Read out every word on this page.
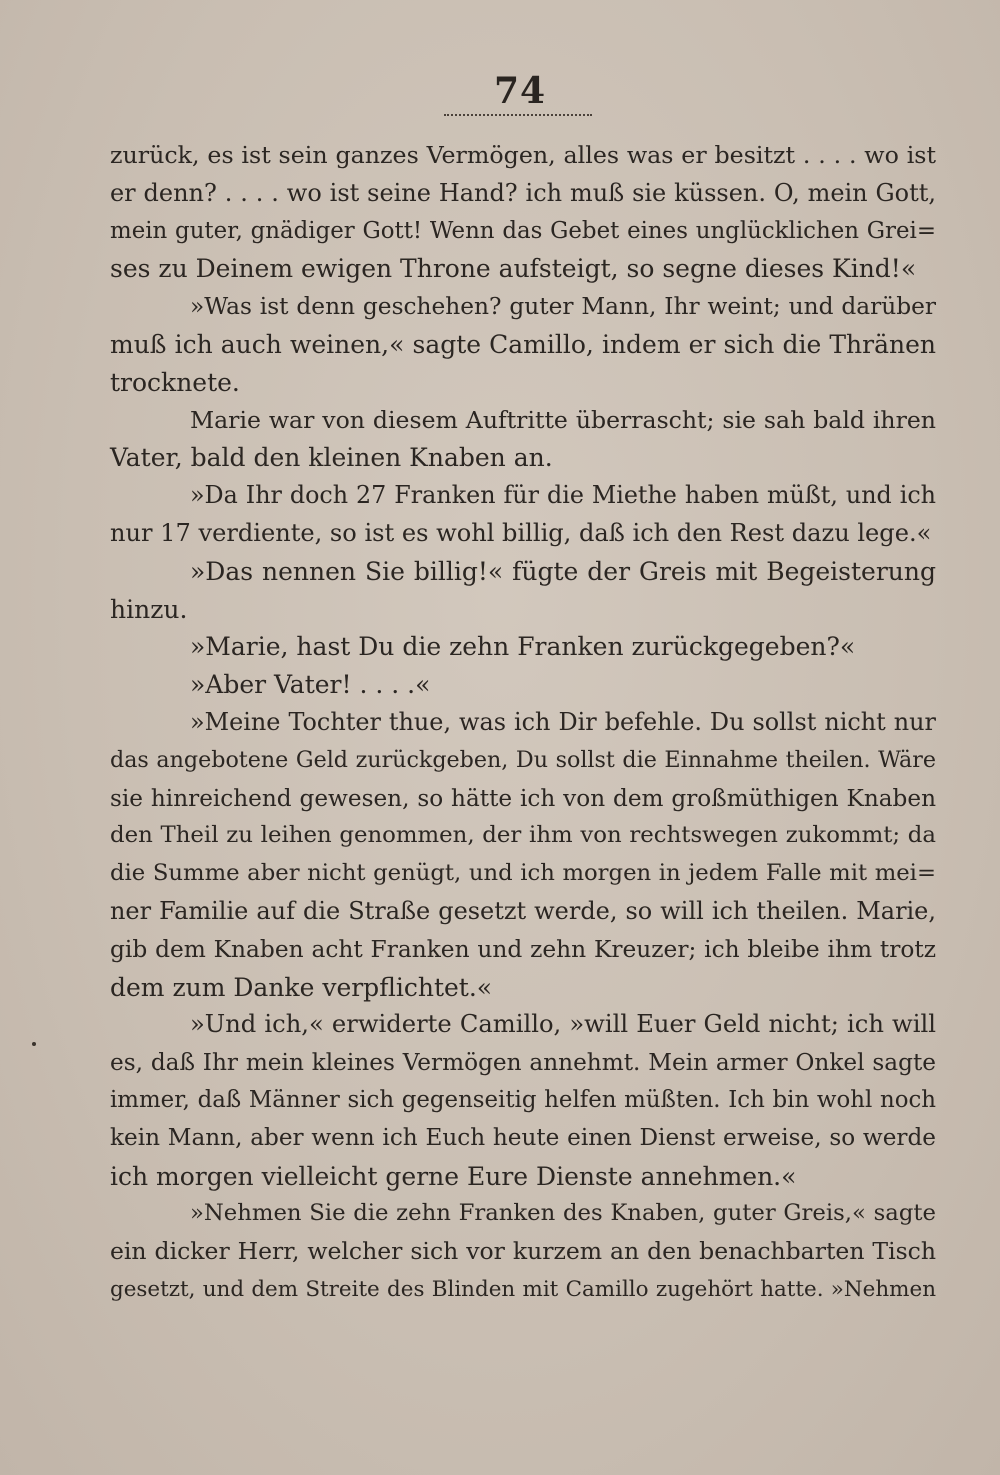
74
zurück, es ist sein ganzes Vermögen, alles was er besitzt . . . . wo ist
er denn? . . . . wo ist seine Hand? ich muß sie küssen. O, mein Gott,
mein guter, gnädiger Gott! Wenn das Gebet eines unglücklichen Grei=
ses zu Deinem ewigen Throne aufsteigt, so segne dieses Kind!«
»Was ist denn geschehen? guter Mann, Ihr weint; und darüber
muß ich auch weinen,« sagte Camillo, indem er sich die Thränen
trocknete.
Marie war von diesem Auftritte überrascht; sie sah bald ihren
Vater, bald den kleinen Knaben an.
»Da Ihr doch 27 Franken für die Miethe haben müßt, und ich
nur 17 verdiente, so ist es wohl billig, daß ich den Rest dazu lege.«
»Das nennen Sie billig!« fügte der Greis mit Begeisterung
hinzu.
»Marie, hast Du die zehn Franken zurückgegeben?«
»Aber Vater! . . . .«
»Meine Tochter thue, was ich Dir befehle. Du sollst nicht nur
das angebotene Geld zurückgeben, Du sollst die Einnahme theilen. Wäre
sie hinreichend gewesen, so hätte ich von dem großmüthigen Knaben
den Theil zu leihen genommen, der ihm von rechtswegen zukommt; da
die Summe aber nicht genügt, und ich morgen in jedem Falle mit mei=
ner Familie auf die Straße gesetzt werde, so will ich theilen. Marie,
gib dem Knaben acht Franken und zehn Kreuzer; ich bleibe ihm trotz
dem zum Danke verpflichtet.«
»Und ich,« erwiderte Camillo, »will Euer Geld nicht; ich will
es, daß Ihr mein kleines Vermögen annehmt. Mein armer Onkel sagte
immer, daß Männer sich gegenseitig helfen müßten. Ich bin wohl noch
kein Mann, aber wenn ich Euch heute einen Dienst erweise, so werde
ich morgen vielleicht gerne Eure Dienste annehmen.«
»Nehmen Sie die zehn Franken des Knaben, guter Greis,« sagte
ein dicker Herr, welcher sich vor kurzem an den benachbarten Tisch
gesetzt, und dem Streite des Blinden mit Camillo zugehört hatte. »Nehmen
